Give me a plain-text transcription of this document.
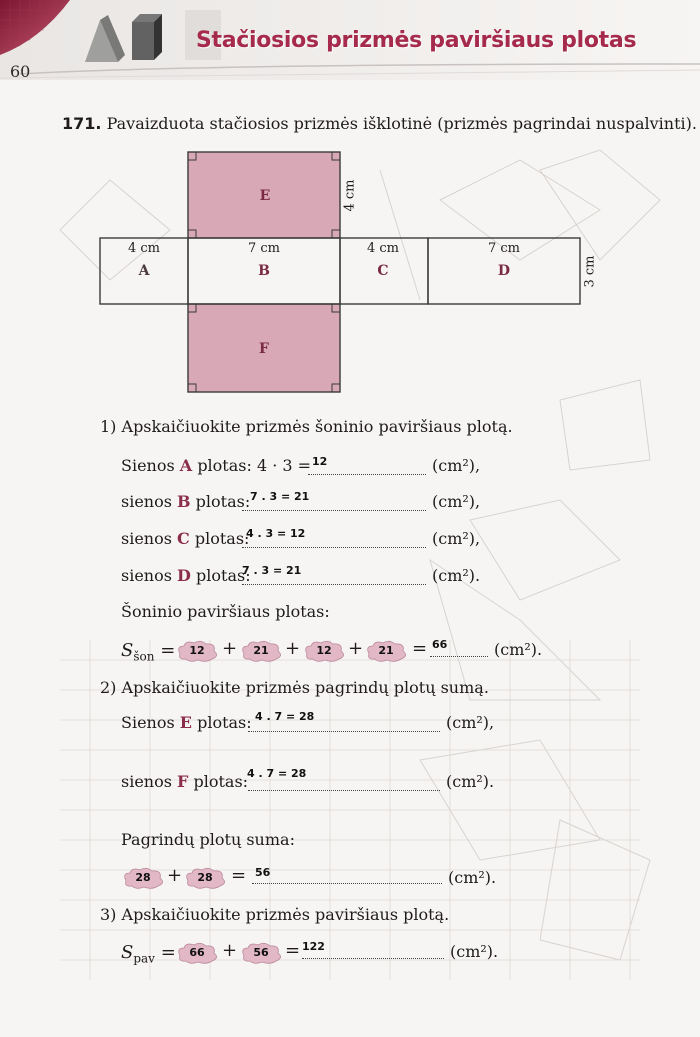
Stačiosios prizmės paviršiaus plotas
60
171. Pavaizduota stačiosios prizmės išklotinė (prizmės pagrindai nuspalvinti).
E	4 cm
4 cm
A
7 cm
B
4 cm
C
7 cm
D	3 cm
F
1) Apskaičiuokite prizmės šoninio paviršiaus plotą.
Sienos A plotas: 4 · 3 = 12	(cm²),
sienos B plotas: 7 . 3 = 21	(cm²),
sienos C plotas:
4 . 3 = 12	(cm²),
sienos D plotas:
7 . 3 = 21	(cm²).
Šoninio paviršiaus plotas:
$S_{šon}$ =	12 +	21 +	12 +	21	= 66	(cm²).
2) Apskaičiuokite prizmės pagrindų plotų sumą.
Sienos E plotas: 4 . 7 = 28	(cm²),
sienos F plotas:
4 . 7 = 28	(cm²).
Pagrindų plotų suma:
28 +	28	= 56	(cm²).
3) Apskaičiuokite prizmės paviršiaus plotą.
$S_{pav}$ =	66 +	56 = 122	(cm²).
